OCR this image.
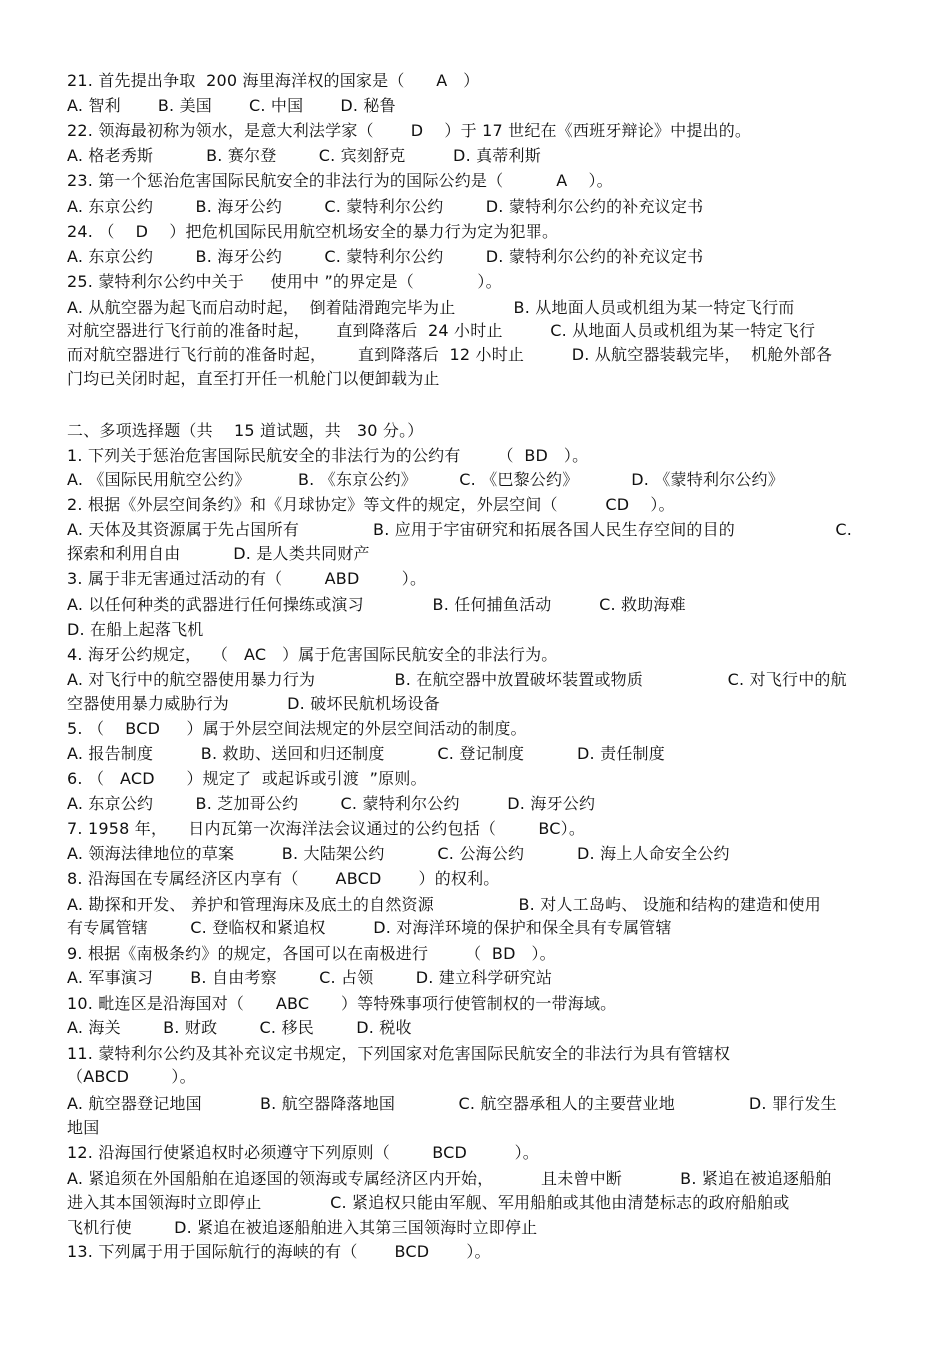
21. 首先提出争取  200 海里海洋权的国家是（      A   ）
A. 智利       B. 美国       C. 中国       D. 秘鲁
22. 领海最初称为领水，是意大利法学家（       D    ）于 17 世纪在《西班牙辩论》中提出的。
A. 格老秀斯          B. 赛尔登        C. 宾刻舒克         D. 真蒂利斯
23. 第一个惩治危害国际民航安全的非法行为的国际公约是（          A    ）。
A. 东京公约        B. 海牙公约        C. 蒙特利尔公约        D. 蒙特利尔公约的补充议定书
24. （    D    ）把危机国际民用航空机场安全的暴力行为定为犯罪。
A. 东京公约        B. 海牙公约        C. 蒙特利尔公约        D. 蒙特利尔公约的补充议定书
25. 蒙特利尔公约中关于     使用中 ”的界定是（            ）。
A. 从航空器为起飞而启动时起，  倒着陆滑跑完毕为止           B. 从地面人员或机组为某一特定飞行而
对航空器进行飞行前的准备时起，     直到降落后  24 小时止         C. 从地面人员或机组为某一特定飞行
而对航空器进行飞行前的准备时起，      直到降落后  12 小时止         D. 从航空器装载完毕，  机舱外部各
门均已关闭时起，直至打开任一机舱门以便卸载为止
二、多项选择题（共    15 道试题，共   30 分。）
1. 下列关于惩治危害国际民航安全的非法行为的公约有       （  BD   ）。
A. 《国际民用航空公约》         B. 《东京公约》        C. 《巴黎公约》          D. 《蒙特利尔公约》
2. 根据《外层空间条约》和《月球协定》等文件的规定，外层空间（         CD    ）。
A. 天体及其资源属于先占国所有              B. 应用于宇宙研究和拓展各国人民生存空间的目的                   C.
探索和利用自由          D. 是人类共同财产
3. 属于非无害通过活动的有（        ABD        ）。
A. 以任何种类的武器进行任何操练或演习             B. 任何捕鱼活动         C. 救助海难
D. 在船上起落飞机
4. 海牙公约规定，  （   AC   ）属于危害国际民航安全的非法行为。
A. 对飞行中的航空器使用暴力行为               B. 在航空器中放置破坏装置或物质                C. 对飞行中的航
空器使用暴力威胁行为           D. 破坏民航机场设备
5. （    BCD     ）属于外层空间法规定的外层空间活动的制度。
A. 报告制度         B. 救助、送回和归还制度          C. 登记制度          D. 责任制度
6. （   ACD      ）规定了  或起诉或引渡  ”原则。
A. 东京公约        B. 芝加哥公约        C. 蒙特利尔公约         D. 海牙公约
7. 1958 年，    日内瓦第一次海洋法会议通过的公约包括（        BC）。
A. 领海法律地位的草案         B. 大陆架公约          C. 公海公约          D. 海上人命安全公约
8. 沿海国在专属经济区内享有（       ABCD       ）的权利。
A. 勘探和开发、 养护和管理海床及底土的自然资源                B. 对人工岛屿、 设施和结构的建造和使用
有专属管辖        C. 登临权和紧追权         D. 对海洋环境的保护和保全具有专属管辖
9. 根据《南极条约》的规定，各国可以在南极进行       （  BD   ）。
A. 军事演习       B. 自由考察        C. 占领        D. 建立科学研究站
10. 毗连区是沿海国对（      ABC      ）等特殊事项行使管制权的一带海域。
A. 海关        B. 财政        C. 移民        D. 税收
11. 蒙特利尔公约及其补充议定书规定，下列国家对危害国际民航安全的非法行为具有管辖权
（ABCD        ）。
A. 航空器登记地国           B. 航空器降落地国            C. 航空器承租人的主要营业地              D. 罪行发生
地国
12. 沿海国行使紧追权时必须遵守下列原则（        BCD         ）。
A. 紧追须在外国船舶在追逐国的领海或专属经济区内开始，         且未曾中断           B. 紧追在被追逐船舶
进入其本国领海时立即停止             C. 紧追权只能由军舰、军用船舶或其他由清楚标志的政府船舶或
飞机行使        D. 紧追在被追逐船舶进入其第三国领海时立即停止
13. 下列属于用于国际航行的海峡的有（       BCD       ）。
